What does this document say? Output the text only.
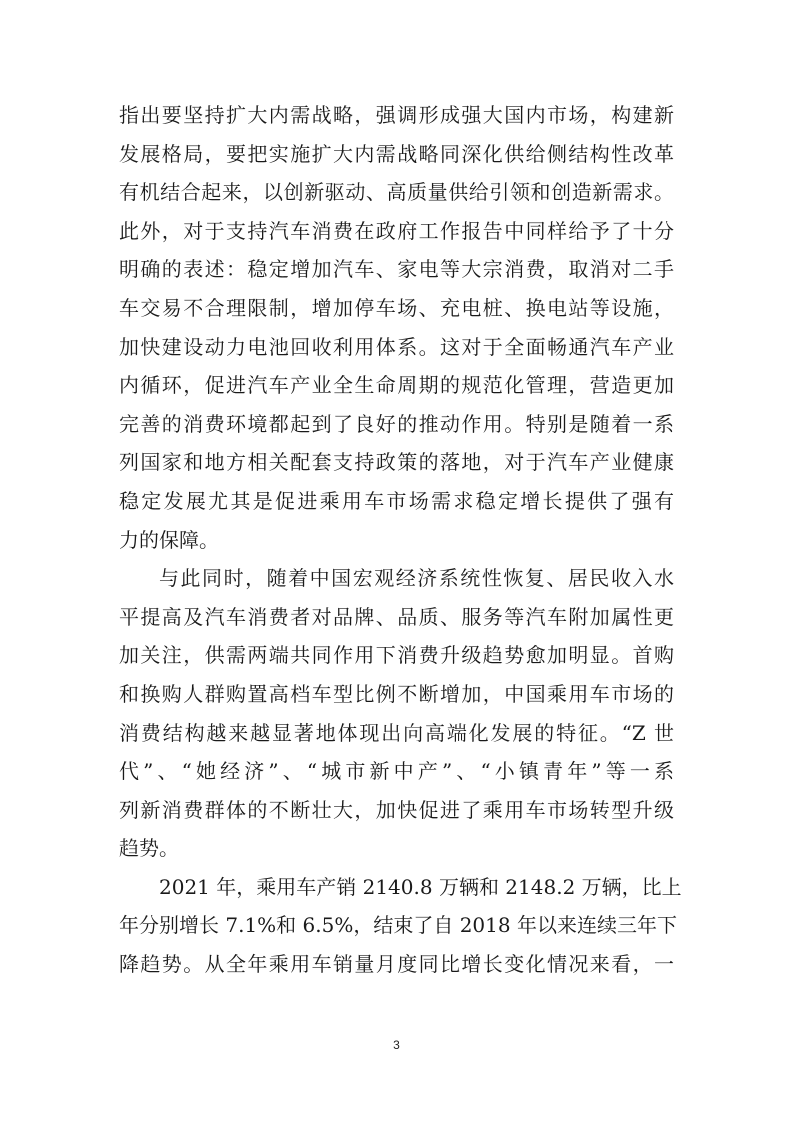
指出要坚持扩大内需战略，强调形成强大国内市场，构建新
发展格局，要把实施扩大内需战略同深化供给侧结构性改革
有机结合起来，以创新驱动、高质量供给引领和创造新需求。
此外，对于支持汽车消费在政府工作报告中同样给予了十分
明确的表述：稳定增加汽车、家电等大宗消费，取消对二手
车交易不合理限制，增加停车场、充电桩、换电站等设施，
加快建设动力电池回收利用体系。这对于全面畅通汽车产业
内循环，促进汽车产业全生命周期的规范化管理，营造更加
完善的消费环境都起到了良好的推动作用。特别是随着一系
列国家和地方相关配套支持政策的落地，对于汽车产业健康
稳定发展尤其是促进乘用车市场需求稳定增长提供了强有
力的保障。
与此同时，随着中国宏观经济系统性恢复、居民收入水
平提高及汽车消费者对品牌、品质、服务等汽车附加属性更
加关注，供需两端共同作用下消费升级趋势愈加明显。首购
和换购人群购置高档车型比例不断增加，中国乘用车市场的
消费结构越来越显著地体现出向高端化发展的特征。“Z 世
代”、“她经济”、“城市新中产”、“小镇青年”等一系
列新消费群体的不断壮大，加快促进了乘用车市场转型升级
趋势。
2021 年，乘用车产销 2140.8 万辆和 2148.2 万辆，比上
年分别增长 7.1%和 6.5%，结束了自 2018 年以来连续三年下
降趋势。从全年乘用车销量月度同比增长变化情况来看，一
3
